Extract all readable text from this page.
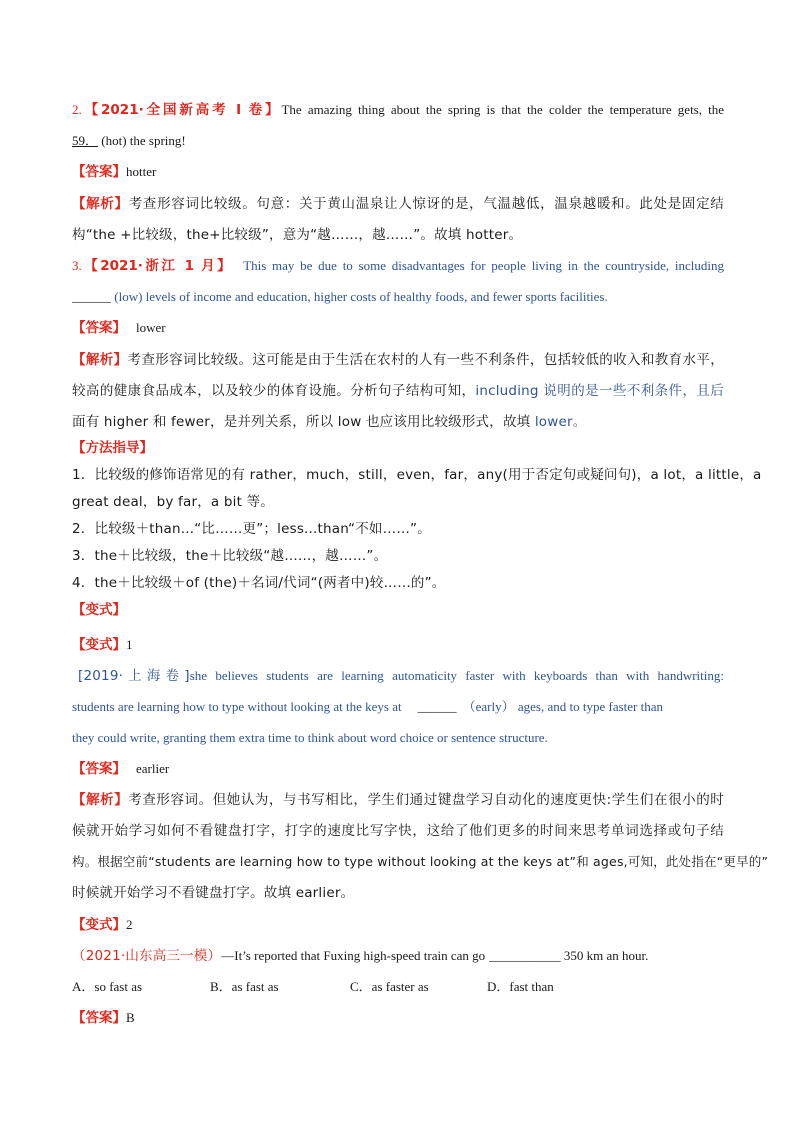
2.【2021·全国新高考 I 卷】The amazing thing about the spring is that the colder the temperature gets, the
59． (hot) the spring!
【答案】hotter
【解析】考查形容词比较级。句意：关于黄山温泉让人惊讶的是，气温越低，温泉越暖和。此处是固定结
构“the +比较级，the+比较级”，意为“越……，越……”。故填 hotter。
3.【2021·浙江 1 月】 This may be due to some disadvantages for people living in the countryside, including
______ (low) levels of income and education, higher costs of healthy foods, and fewer sports facilities.
【答案】 lower
【解析】考查形容词比较级。这可能是由于生活在农村的人有一些不利条件，包括较低的收入和教育水平，
较高的健康食品成本，以及较少的体育设施。分析句子结构可知，including 说明的是一些不利条件，且后
面有 higher 和 fewer，是并列关系，所以 low 也应该用比较级形式，故填 lower。
【方法指导】
1．比较级的修饰语常见的有 rather，much，still，even，far，any(用于否定句或疑问句)，a lot，a little，a
great deal，by far，a bit 等。
2．比较级＋than...“比……更”；less...than“不如……”。
3．the＋比较级，the＋比较级“越……，越……”。
4．the＋比较级＋of (the)＋名词/代词“(两者中)较……的”。
【变式】
【变式】1
[2019·上海卷]she believes students are learning automaticity faster with keyboards than with handwriting:
students are learning how to type without looking at the keys at ______ （early） ages, and to type faster than
they could write, granting them extra time to think about word choice or sentence structure.
【答案】 earlier
【解析】考查形容词。但她认为，与书写相比，学生们通过键盘学习自动化的速度更快:学生们在很小的时
候就开始学习如何不看键盘打字，打字的速度比写字快，这给了他们更多的时间来思考单词选择或句子结
构。根据空前“students are learning how to type without looking at the keys at”和 ages,可知，此处指在“更早的”
时候就开始学习不看键盘打字。故填 earlier。
【变式】2
（2021·山东高三一模）—It’s reported that Fuxing high-speed train can go ___________ 350 km an hour.
A．so fast as	B．as fast as	C．as faster as	D．fast than
【答案】B
